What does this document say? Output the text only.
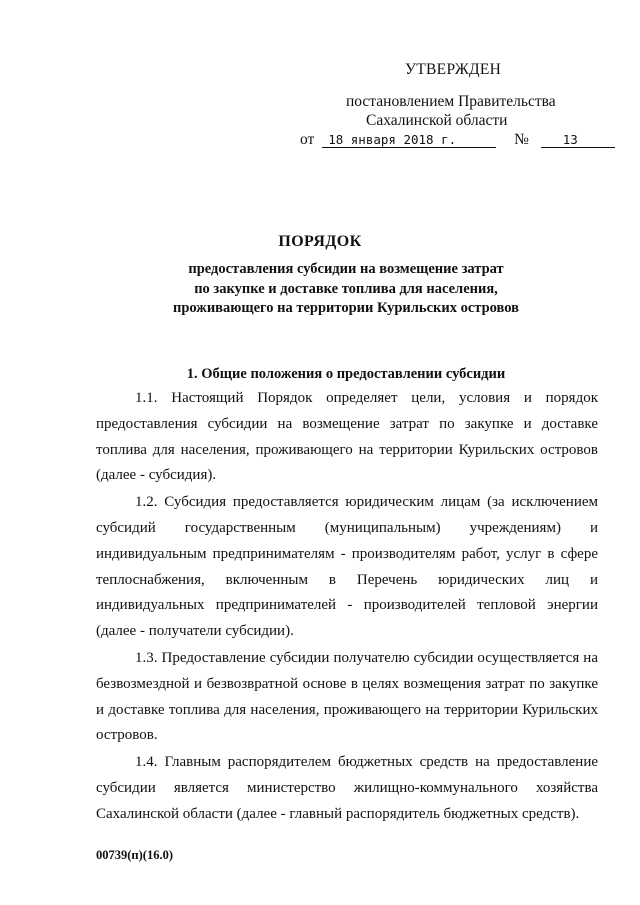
УТВЕРЖДЕН
постановлением Правительства
Сахалинской области
от 18 января 2018 г.	№	13
ПОРЯДОК
предоставления субсидии на возмещение затрат
по закупке и доставке топлива для населения,
проживающего на территории Курильских островов
1. Общие положения о предоставлении субсидии

1.1. Настоящий Порядок определяет цели, условия и порядок предоставления субсидии на возмещение затрат по закупке и доставке топлива для населения, проживающего на территории Курильских островов (далее - субсидия).

1.2. Субсидия предоставляется юридическим лицам (за исключением субсидий государственным (муниципальным) учреждениям) и индивидуальным предпринимателям - производителям работ, услуг в сфере теплоснабжения, включенным в Перечень юридических лиц и индивидуальных предпринимателей - производителей тепловой энергии (далее - получатели субсидии).

1.3. Предоставление субсидии получателю субсидии осуществляется на безвозмездной и безвозвратной основе в целях возмещения затрат по закупке и доставке топлива для населения, проживающего на территории Курильских островов.

1.4. Главным распорядителем бюджетных средств на предоставление субсидии является министерство жилищно-коммунального хозяйства Сахалинской области (далее - главный распорядитель бюджетных средств).

00739(п)(16.0)
